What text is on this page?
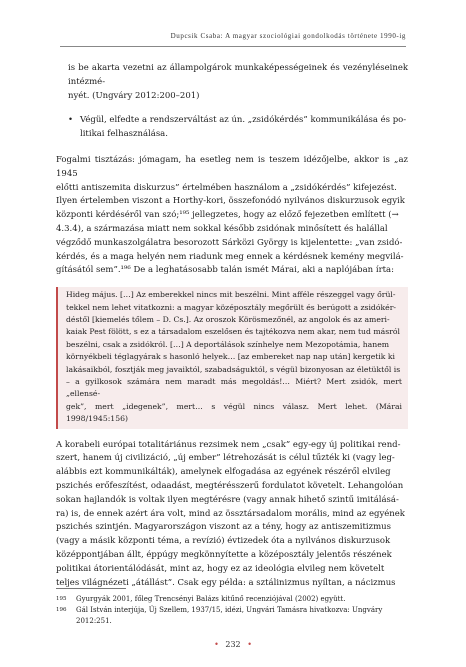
Dupcsik Csaba: A magyar szociológiai gondolkodás története 1990-ig

is be akarta vezetni az állampolgárok munkaképességeinek és vezényléseinek intézmé-

nyét. (Ungváry 2012:200–201)

• Végül, elfedte a rendszerváltást az ún. „zsidókérdés” kommunikálása és po-

litikai felhasználása.

Fogalmi tisztázás: jómagam, ha esetleg nem is teszem idézőjelbe, akkor is „az 1945

előtti antiszemita diskurzus” értelmében használom a „zsidókérdés” kifejezést.

Ilyen értelemben viszont a Horthy-kori, összefonódó nyilvános diskurzusok egyik

központi kérdéséről van szó;¹⁹⁵ jellegzetes, hogy az előző fejezetben említett (→

4.3.4), a származása miatt nem sokkal később zsidónak minősített és halállal

végződő munkaszolgálatra besorozott Sárközi György is kijelentette: „van zsidó-

kérdés, és a maga helyén nem riadunk meg ennek a kérdésnek kemény megvilá-

gításától sem”.¹⁹⁶ De a leghatásosabb talán ismét Márai, aki a naplójában írta:

Hideg május. […] Az emberekkel nincs mit beszélni. Mint afféle részeggel vagy őrül-

tekkel nem lehet vitatkozni: a magyar középosztály megőrült és berúgott a zsidókér-

déstől [kiemelés tőlem – D. Cs.]. Az oroszok Körösmezőnél, az angolok és az ameri-

kaiak Pest fölött, s ez a társadalom eszelősen és tajtékozva nem akar, nem tud másról

beszélni, csak a zsidókról. […] A deportálások színhelye nem Mezopotámia, hanem

környékbeli téglagyárak s hasonló helyek… [az embereket nap nap után] kergetik ki

lakásaikból, fosztják meg javaiktól, szabadságuktól, s végül bizonyosan az életüktől is

– a gyilkosok számára nem maradt más megoldás!… Miért? Mert zsidók, mert „ellensé-

gek”, mert „idegenek”, mert… s végül nincs válasz. Mert lehet. (Márai 1998/1945:156)

A korabeli európai totalitáriánus rezsimek nem „csak” egy-egy új politikai rend-

szert, hanem új civilizáció, „új ember” létrehozását is célul tűzték ki (vagy leg-

alábbis ezt kommunikálták), amelynek elfogadása az egyének részéről elvileg

pszichés erőfeszítést, odaadást, megtérésszerű fordulatot követelt. Lehangolóan

sokan hajlandók is voltak ilyen megtérésre (vagy annak hihető szintű imitálásá-

ra) is, de ennek azért ára volt, mind az össztársadalom morális, mind az egyének

pszichés szintjén. Magyarországon viszont az a tény, hogy az antiszemitizmus

(vagy a másik központi téma, a revízió) évtizedek óta a nyilvános diskurzusok

középpontjában állt, éppúgy megkönnyítette a középosztály jelentős részének

politikai átorientálódását, mint az, hogy ez az ideológia elvileg nem követelt

teljes világnézeti „átállást”. Csak egy példa: a sztálinizmus nyíltan, a nácizmus

195	Gyurgyák 2001, főleg Trencsényi Balázs kitűnő recenziójával (2002) együtt.
196	Gál István interjúja, Új Szellem, 1937/15, idézi, Ungvári Tamásra hivatkozva: Ungváry 2012:251.
• 232 •
